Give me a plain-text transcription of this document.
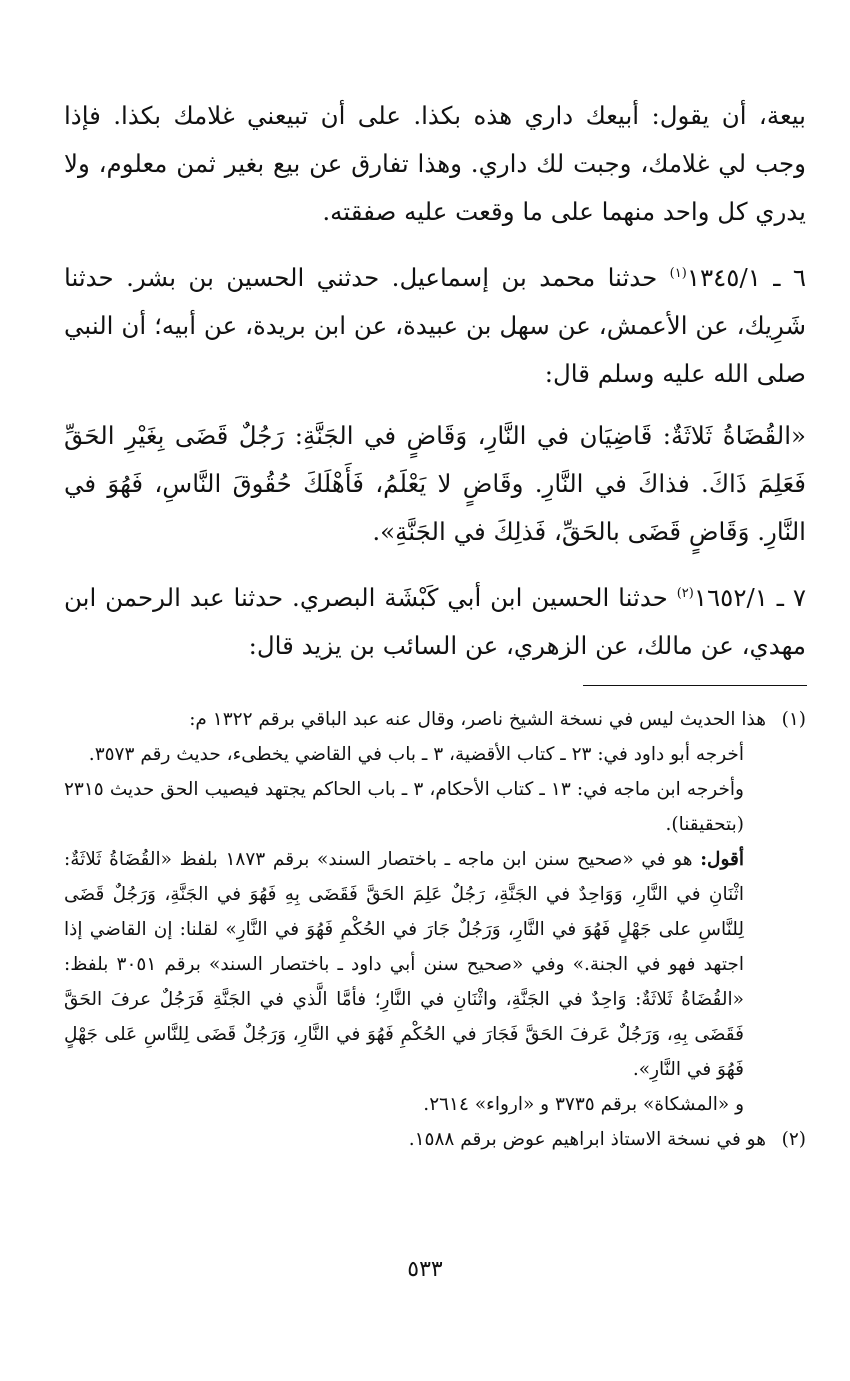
بيعة، أن يقول: أبيعك داري هذه بكذا. على أن تبيعني غلامك بكذا. فإذا وجب لي غلامك، وجبت لك داري. وهذا تفارق عن بيع بغير ثمن معلوم، ولا يدري كل واحد منهما على ما وقعت عليه صفقته.

٦ ـ ١٣٤٥/١$^{(١)}$ حدثنا محمد بن إسماعيل. حدثني الحسين بن بشر. حدثنا شَرِيك، عن الأعمش، عن سهل بن عبيدة، عن ابن بريدة، عن أبيه؛ أن النبي صلى الله عليه وسلم قال:

«القُضَاةُ ثَلاثَةٌ: قَاضِيَان في النَّارِ، وَقَاضٍ في الجَنَّةِ: رَجُلٌ قَضَى بِغَيْرِ الحَقِّ فَعَلِمَ ذَاكَ. فذاكَ في النَّارِ. وقَاضٍ لا يَعْلَمُ، فَأَهْلَكَ حُقُوقَ النَّاسِ، فَهُوَ في النَّارِ. وَقَاضٍ قَضَى بالحَقِّ، فَذلِكَ في الجَنَّةِ».

٧ ـ ١٦٥٢/١$^{(٢)}$ حدثنا الحسين ابن أبي كَبْشَة البصري. حدثنا عبد الرحمن ابن مهدي، عن مالك، عن الزهري، عن السائب بن يزيد قال:

(١)
هذا الحديث ليس في نسخة الشيخ ناصر، وقال عنه عبد الباقي برقم ١٣٢٢ م:
أخرجه أبو داود في: ٢٣ ـ كتاب الأقضية، ٣ ـ باب في القاضي يخطىء، حديث رقم ٣٥٧٣.
وأخرجه ابن ماجه في: ١٣ ـ كتاب الأحكام، ٣ ـ باب الحاكم يجتهد فيصيب الحق حديث ٢٣١٥ (بتحقيقنا).
أقول: هو في «صحيح سنن ابن ماجه ـ باختصار السند» برقم ١٨٧٣ بلفظ «القُضَاةُ ثَلاثَةٌ: اثْنَانِ في النَّارِ، وَوَاحِدٌ في الجَنَّةِ، رَجُلٌ عَلِمَ الحَقَّ فَقَضَى بِهِ فَهُوَ في الجَنَّةِ، وَرَجُلٌ قَضَى لِلنَّاسِ على جَهْلٍ فَهُوَ في النَّارِ، وَرَجُلٌ جَارَ في الحُكْمِ فَهُوَ في النَّارِ» لقلنا: إن القاضي إذا اجتهد فهو في الجنة.» وفي «صحيح سنن أبي داود ـ باختصار السند» برقم ٣٠٥١ بلفظ: «القُضَاةُ ثَلاثَةٌ: وَاحِدٌ في الجَنَّةِ، واثْنَانِ في النَّارِ؛ فأمَّا الَّذي في الجَنَّةِ فَرَجُلٌ عرفَ الحَقَّ فَقَضَى بِهِ، وَرَجُلٌ عَرفَ الحَقَّ فَجَارَ في الحُكْمِ فَهُوَ في النَّارِ، وَرَجُلٌ قَضَى لِلنَّاسِ عَلى جَهْلٍ فَهُوَ في النَّارِ».
و «المشكاة» برقم ٣٧٣٥ و «ارواء» ٢٦١٤.
(٢)
هو في نسخة الاستاذ ابراهيم عوض برقم ١٥٨٨.
٥٣٣
